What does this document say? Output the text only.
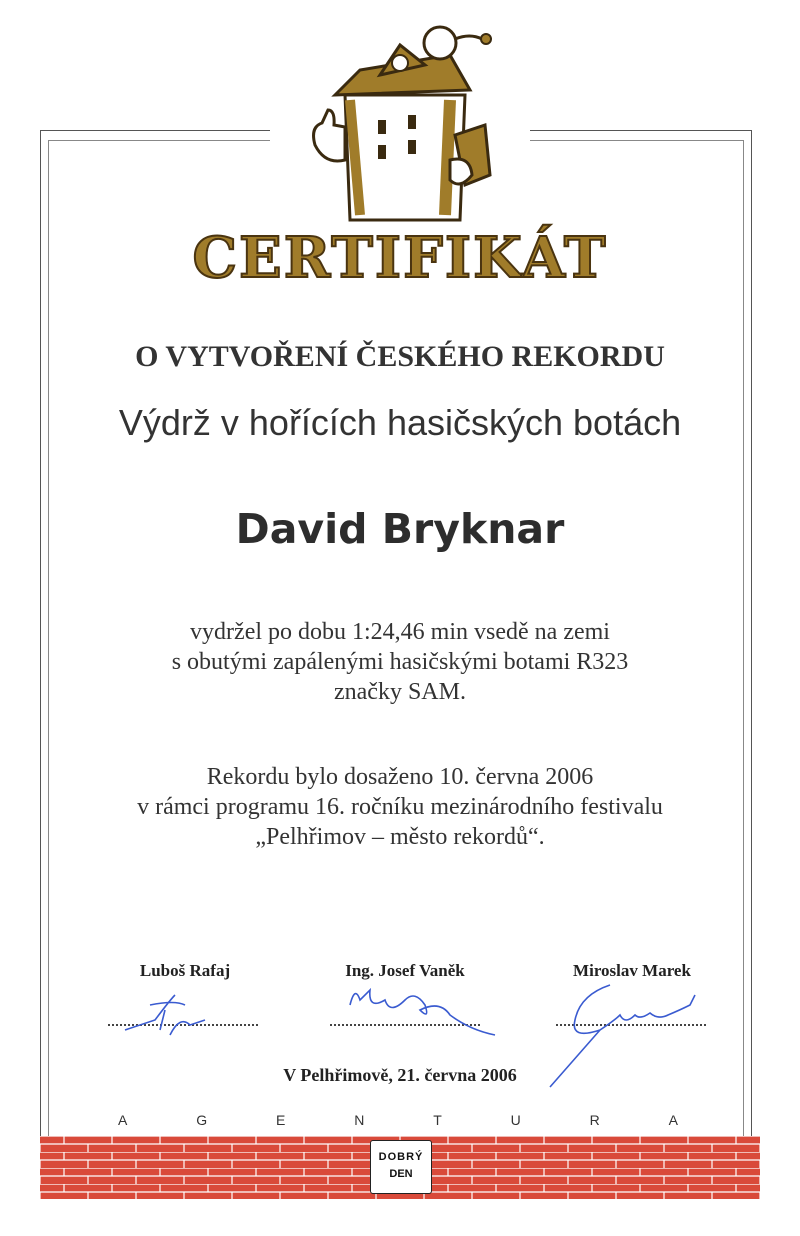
CERTIFIKÁT
O VYTVOŘENÍ ČESKÉHO REKORDU
Výdrž v hořících hasičských botách
David Bryknar
vydržel po dobu 1:24,46 min vsedě na zemi
s obutými zapálenými hasičskými botami R323
značky SAM.
Rekordu bylo dosaženo 10. června 2006
v rámci programu 16. ročníku mezinárodního festivalu
„Pelhřimov – město rekordů“.
Luboš Rafaj	Ing. Josef Vaněk	Miroslav Marek
V Pelhřimově, 21. června 2006
A	G	E	N	T	U	R	A
DOBRÝ
DEN
